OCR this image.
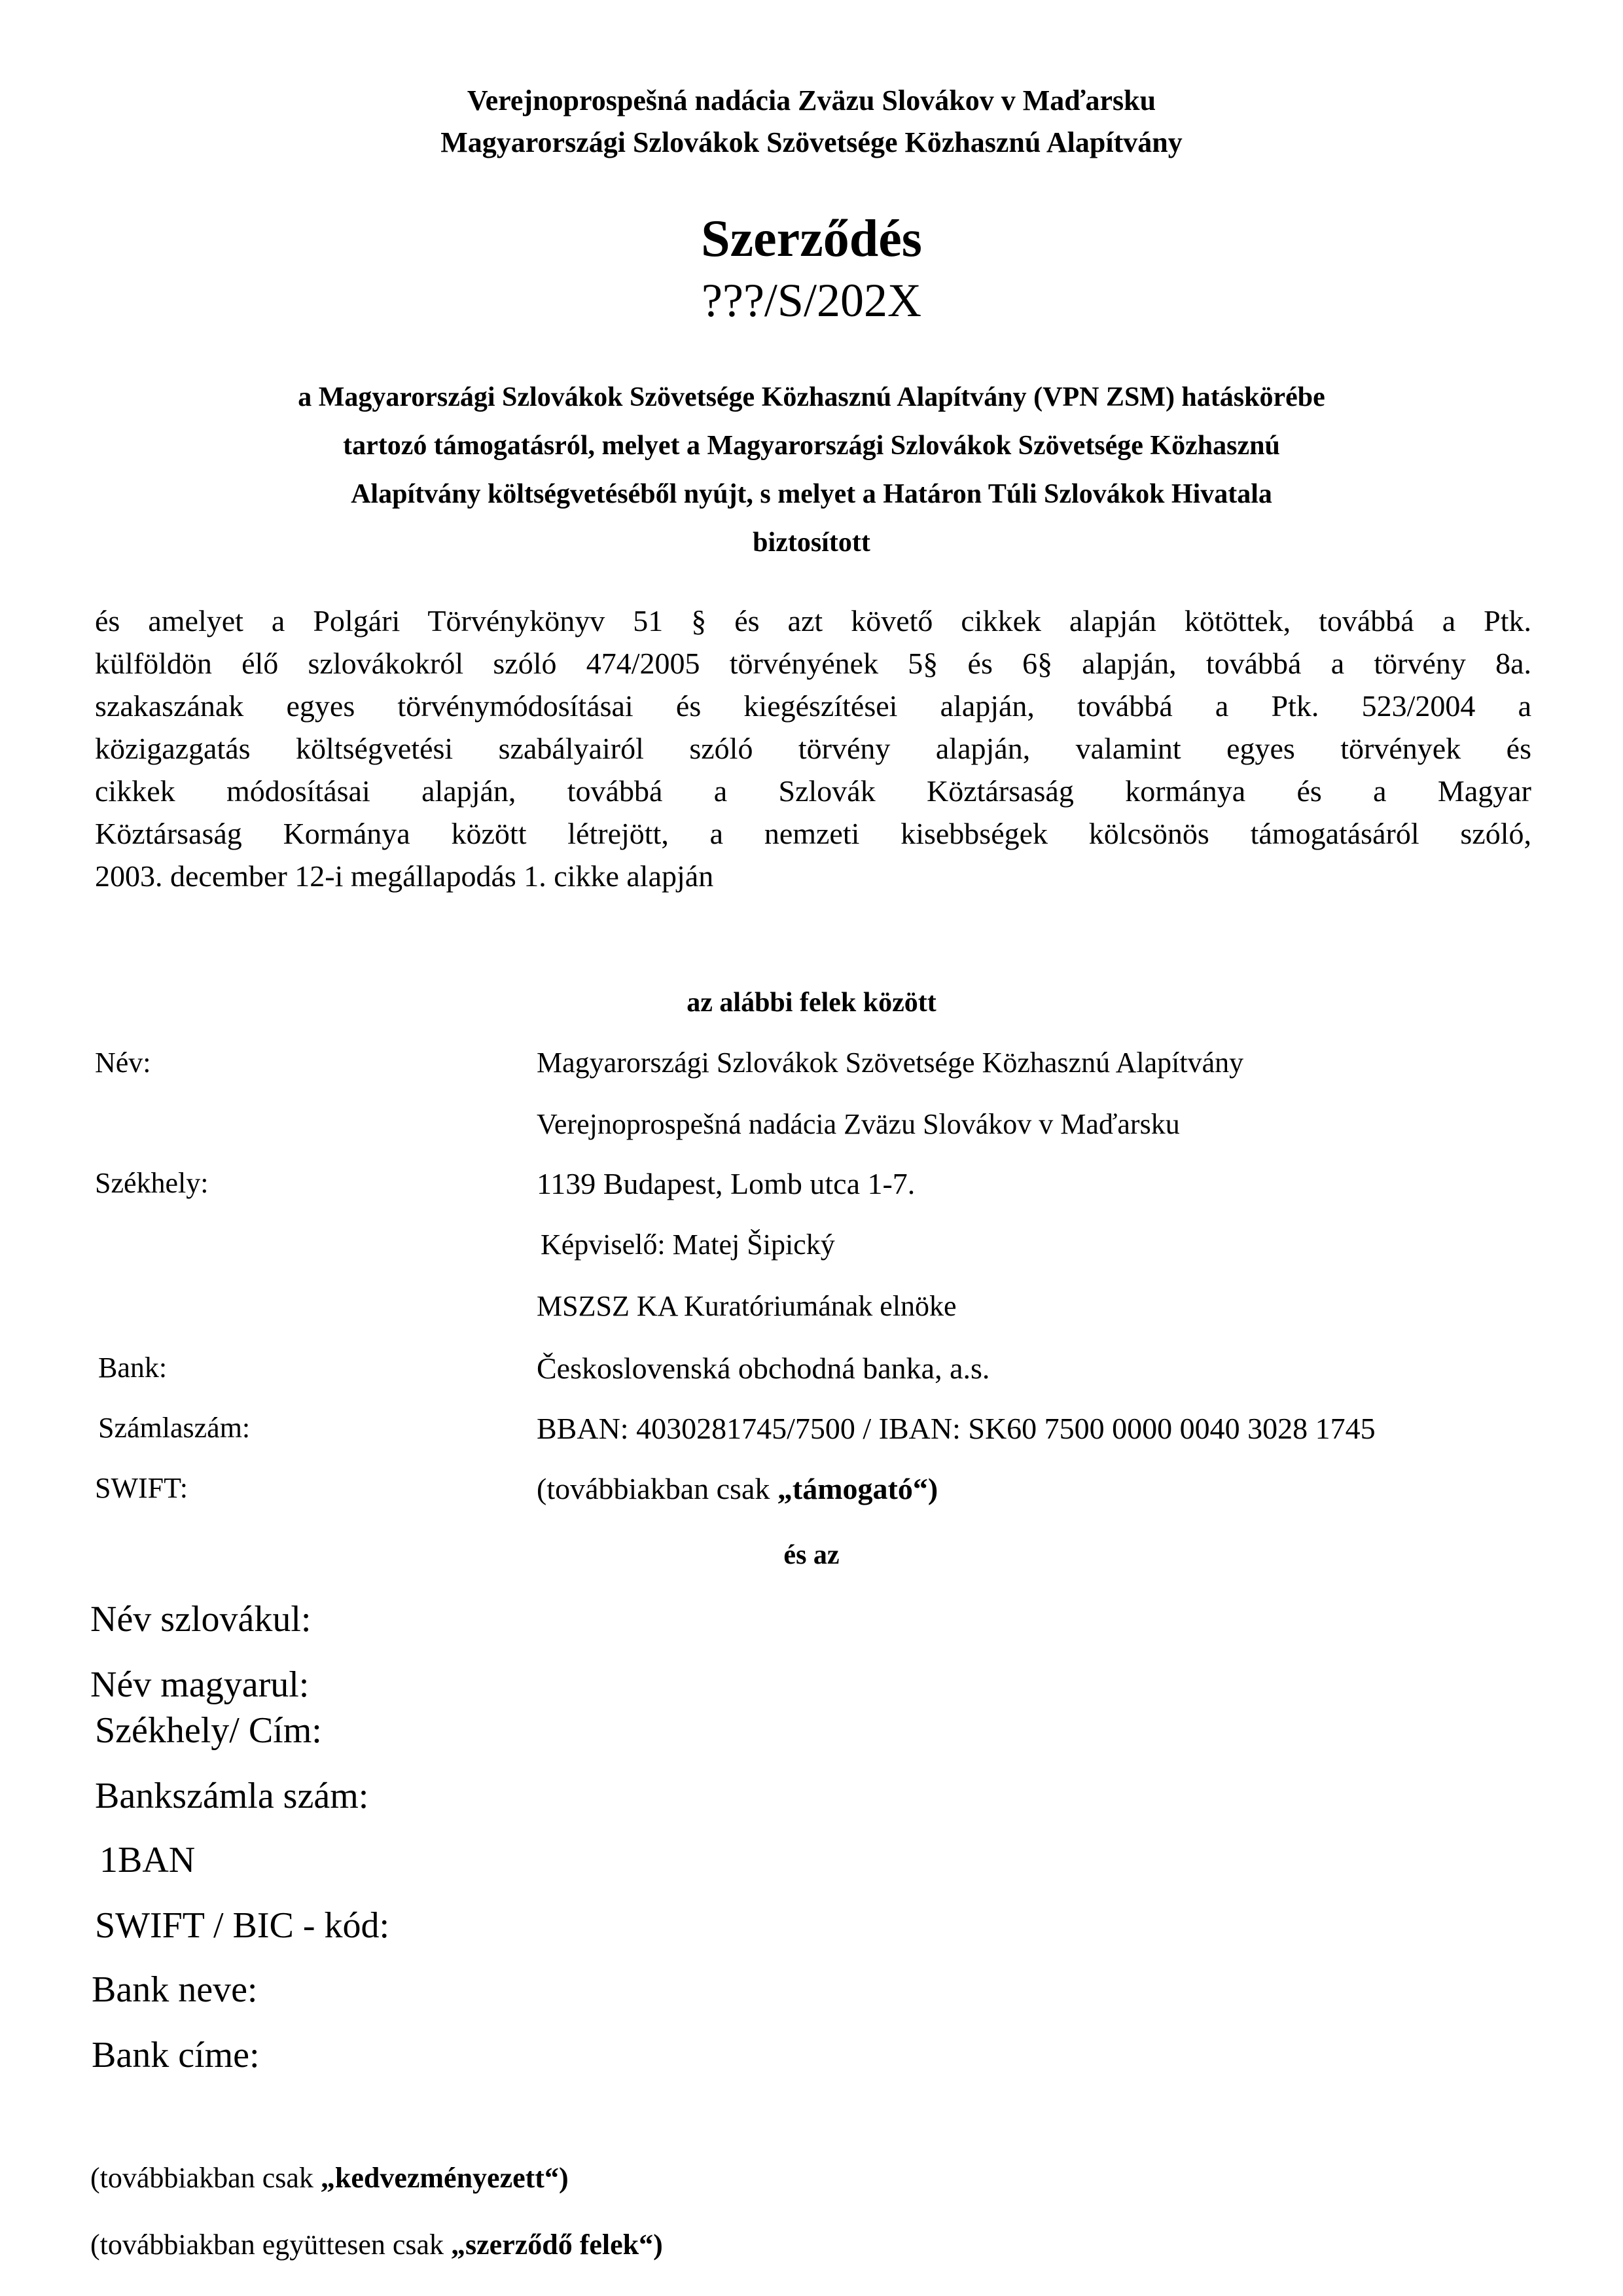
Verejnoprospešná nadácia Zväzu Slovákov v Maďarsku
Magyarországi Szlovákok Szövetsége Közhasznú Alapítvány
Szerződés
???/S/202X
a Magyarországi Szlovákok Szövetsége Közhasznú Alapítvány (VPN ZSM) hatáskörébe
tartozó támogatásról, melyet a Magyarországi Szlovákok Szövetsége Közhasznú
Alapítvány költségvetéséből nyújt, s melyet a Határon Túli Szlovákok Hivatala
biztosított
és amelyet a Polgári Törvénykönyv 51 § és azt követő cikkek alapján kötöttek, továbbá a Ptk.
külföldön élő szlovákokról szóló 474/2005 törvényének 5§ és 6§ alapján, továbbá a törvény 8a.
szakaszának egyes törvénymódosításai és kiegészítései alapján, továbbá a Ptk. 523/2004 a
közigazgatás költségvetési szabályairól szóló törvény alapján, valamint egyes törvények és
cikkek módosításai alapján, továbbá a Szlovák Köztársaság kormánya és a Magyar
Köztársaság Kormánya között létrejött, a nemzeti kisebbségek kölcsönös támogatásáról szóló,
2003. december 12-i megállapodás 1. cikke alapján
az alábbi felek között
Név:	Magyarországi Szlovákok Szövetsége Közhasznú Alapítvány
Verejnoprospešná nadácia Zväzu Slovákov v Maďarsku
Székhely:	1139 Budapest, Lomb utca 1-7.
Képviselő: Matej Šipický
MSZSZ KA Kuratóriumának elnöke
Bank:	Československá obchodná banka, a.s.
Számlaszám:	BBAN: 4030281745/7500 / IBAN: SK60 7500 0000 0040 3028 1745
SWIFT:	(továbbiakban csak „támogató“)
és az
Név szlovákul:
Név magyarul:
Székhely/ Cím:
Bankszámla szám:
1BAN
SWIFT / BIC - kód:
Bank neve:
Bank címe:
(továbbiakban csak „kedvezményezett“)
(továbbiakban együttesen csak „szerződő felek“)
